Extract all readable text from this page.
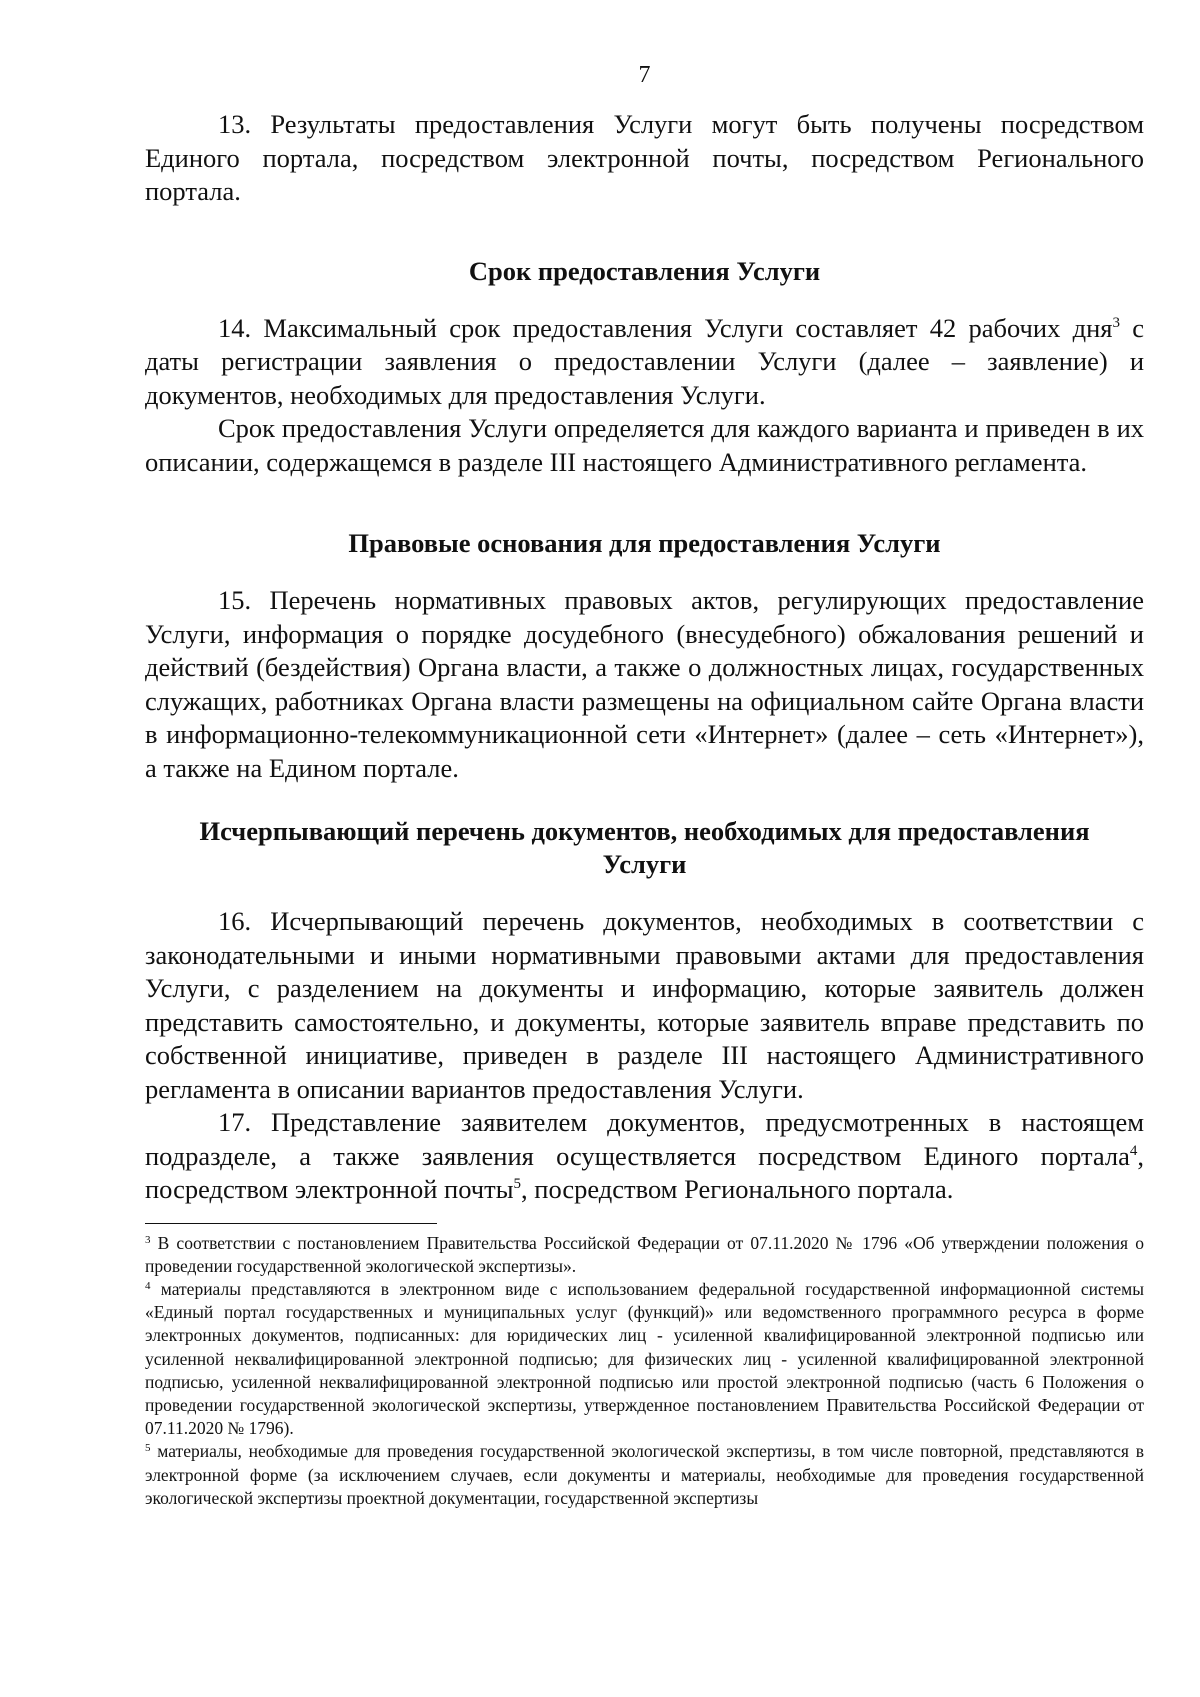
7

13. Результаты предоставления Услуги могут быть получены посредством Единого портала, посредством электронной почты, посредством Регионального портала.

Срок предоставления Услуги

14. Максимальный срок предоставления Услуги составляет 42 рабочих дня$^3$ с даты регистрации заявления о предоставлении Услуги (далее – заявление) и документов, необходимых для предоставления Услуги.

Срок предоставления Услуги определяется для каждого варианта и приведен в их описании, содержащемся в разделе III настоящего Административного регламента.

Правовые основания для предоставления Услуги

15. Перечень нормативных правовых актов, регулирующих предоставление Услуги, информация о порядке досудебного (внесудебного) обжалования решений и действий (бездействия) Органа власти, а также о должностных лицах, государственных служащих, работниках Органа власти размещены на официальном сайте Органа власти в информационно-телекоммуникационной сети «Интернет» (далее – сеть «Интернет»), а также на Едином портале.

Исчерпывающий перечень документов, необходимых для предоставления Услуги

16. Исчерпывающий перечень документов, необходимых в соответствии с законодательными и иными нормативными правовыми актами для предоставления Услуги, с разделением на документы и информацию, которые заявитель должен представить самостоятельно, и документы, которые заявитель вправе представить по собственной инициативе, приведен в разделе III настоящего Административного регламента в описании вариантов предоставления Услуги.

17. Представление заявителем документов, предусмотренных в настоящем подразделе, а также заявления осуществляется посредством Единого портала$^4$, посредством электронной почты$^5$, посредством Регионального портала.

$^3$ В соответствии с постановлением Правительства Российской Федерации от 07.11.2020 № 1796 «Об утверждении положения о проведении государственной экологической экспертизы».

$^4$ материалы представляются в электронном виде с использованием федеральной государственной информационной системы «Единый портал государственных и муниципальных услуг (функций)» или ведомственного программного ресурса в форме электронных документов, подписанных: для юридических лиц - усиленной квалифицированной электронной подписью или усиленной неквалифицированной электронной подписью; для физических лиц - усиленной квалифицированной электронной подписью, усиленной неквалифицированной электронной подписью или простой электронной подписью (часть 6 Положения о проведении государственной экологической экспертизы, утвержденное постановлением Правительства Российской Федерации от 07.11.2020 № 1796).

$^5$ материалы, необходимые для проведения государственной экологической экспертизы, в том числе повторной, представляются в электронной форме (за исключением случаев, если документы и материалы, необходимые для проведения государственной экологической экспертизы проектной документации, государственной экспертизы
